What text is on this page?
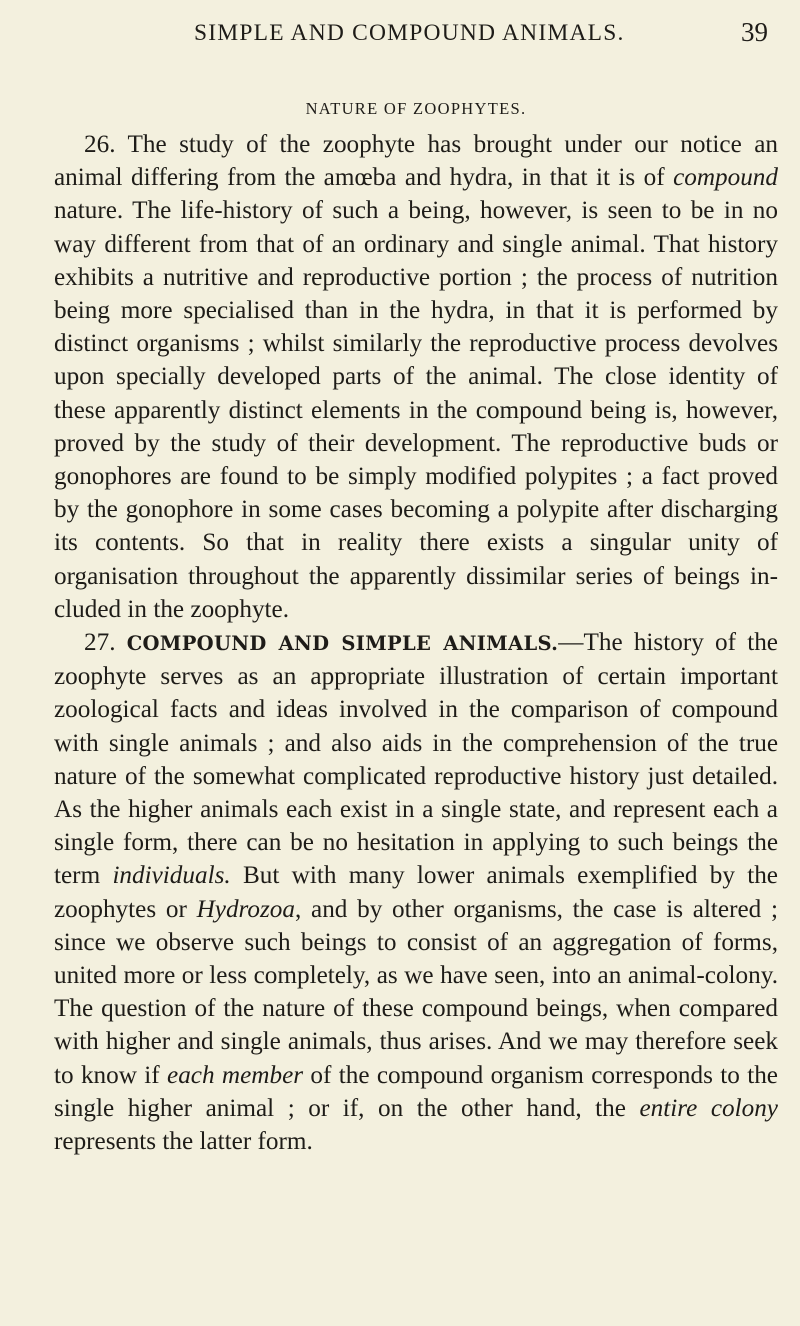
SIMPLE AND COMPOUND ANIMALS.	39
NATURE OF ZOOPHYTES.

26. The study of the zoophyte has brought under our notice an animal differing from the amœba and hydra, in that it is of compound nature. The life-history of such a being, however, is seen to be in no way different from that of an ordinary and single animal. That history exhibits a nutritive and reproductive portion ; the process of nutrition being more specialised than in the hydra, in that it is performed by distinct organisms ; whilst similarly the reproductive process devolves upon specially developed parts of the animal. The close identity of these apparently distinct elements in the compound being is, however, proved by the study of their development. The reproductive buds or gonophores are found to be simply modified polypites ; a fact proved by the gonophore in some cases becoming a polypite after discharging its contents. So that in reality there exists a singular unity of organisation throughout the apparently dissimilar series of beings included in the zoophyte.

27. COMPOUND AND SIMPLE ANIMALS.—The history of the zoophyte serves as an appropriate illustration of certain important zoological facts and ideas involved in the comparison of compound with single animals ; and also aids in the comprehension of the true nature of the somewhat complicated reproductive history just detailed. As the higher animals each exist in a single state, and represent each a single form, there can be no hesitation in applying to such beings the term individuals. But with many lower animals exemplified by the zoophytes or Hydrozoa, and by other organisms, the case is altered ; since we observe such beings to consist of an aggregation of forms, united more or less completely, as we have seen, into an animal-colony. The question of the nature of these compound beings, when compared with higher and single animals, thus arises. And we may therefore seek to know if each member of the compound organism corresponds to the single higher animal ; or if, on the other hand, the entire colony represents the latter form.
